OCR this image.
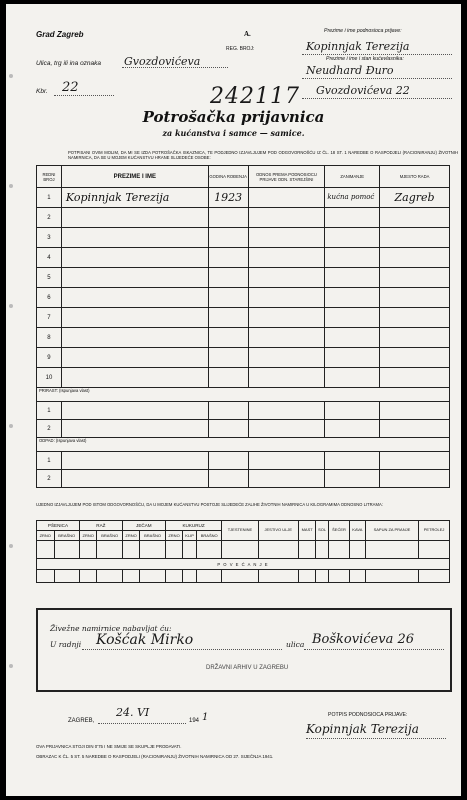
Grad Zagreb	A.
REG. BROJ:
Ulica, trg ili ina oznaka Gvozdovićeva
Kbr. 22	242117
Prezime i ime podnosioca prijave:
Kopinnjak Terezija
Prezime i ime i stan kućevlasnika:
Neudhard Đuro
Gvozdovićeva 22
Potrošačka prijavnica
za kućanstva i samce — samice.
POTPISANI OVIM MOLIM, DA MI SE IZDA POTROŠAČKA ISKAZNICA, TE PODJEDNO IZJAVLJUJEM POD ODGOVORNOŠĆU IZ ČL. 18 ST. 1 NAREDBE O RASPODJELI (RACIONIRANJU) ŽIVOTNIH NAMIRNICA, DA SE U MOJEM KUĆANSTVU HRANE SLIJEDEĆE OSOBE:
REDNI BROJ	PREZIME I IME	GODINA ROĐENJA	ODNOS PREMA PODNOSIOCU PRIJAVE ODN. STAREJŠINI	ZANIMANJE	MJESTO RADA
1	Kopinnjak Terezija	1923		kućna pomoć	Zagreb
2					
3					
4					
5					
6					
7					
8					
9					
10					
PRIRAST: (Ispunjava vlast)					
1					
2					
ODPAD: (Ispunjava vlast)					
1					
2					
UJEDNO IZJAVLJUJEM POD ISTOM ODGOVORNOŠĆU, DA U MOJEM KUĆANSTVU POSTOJE SLIJEDEĆE ZALIHE ŽIVOTNIH NAMIRNICA U KILOGRAMIMA ODNOSNO LITRAMA:
PŠENICA		RAŽ		JEČAM		KUKURUZ			TJESTENINE	JESTIVO ULJE	MAST	SOL	ŠEĆER	KAVA	SAPUN ZA PRANJE	PETROLEJ
ZRNO	BRAŠNO	ZRNO	BRAŠNO	ZRNO	BRAŠNO	ZRNO	KLIP	BRAŠNO								

P O V E Ć A N J E																

Živežne namirnice nabavljat ću:
U radnji Košćak Mirko	ulica Boškovićeva 26
DRŽAVNI ARHIV U ZAGREBU
ZAGREB,
24. VI
194 1	POTPIS PODNOSIOCA PRIJAVE:
Kopinnjak Terezija
OVA PRIJAVNICA STOJI DIN 0'75 I NE SMIJE SE SKUPLJE PRODAVATI.
OBRAZAC K ČL. 5 ST. 5 NAREDBE O RASPODJELI (RACIONIRANJU) ŽIVOTNIH NAMIRNICA OD 27. SIJEČNJA 1941.
